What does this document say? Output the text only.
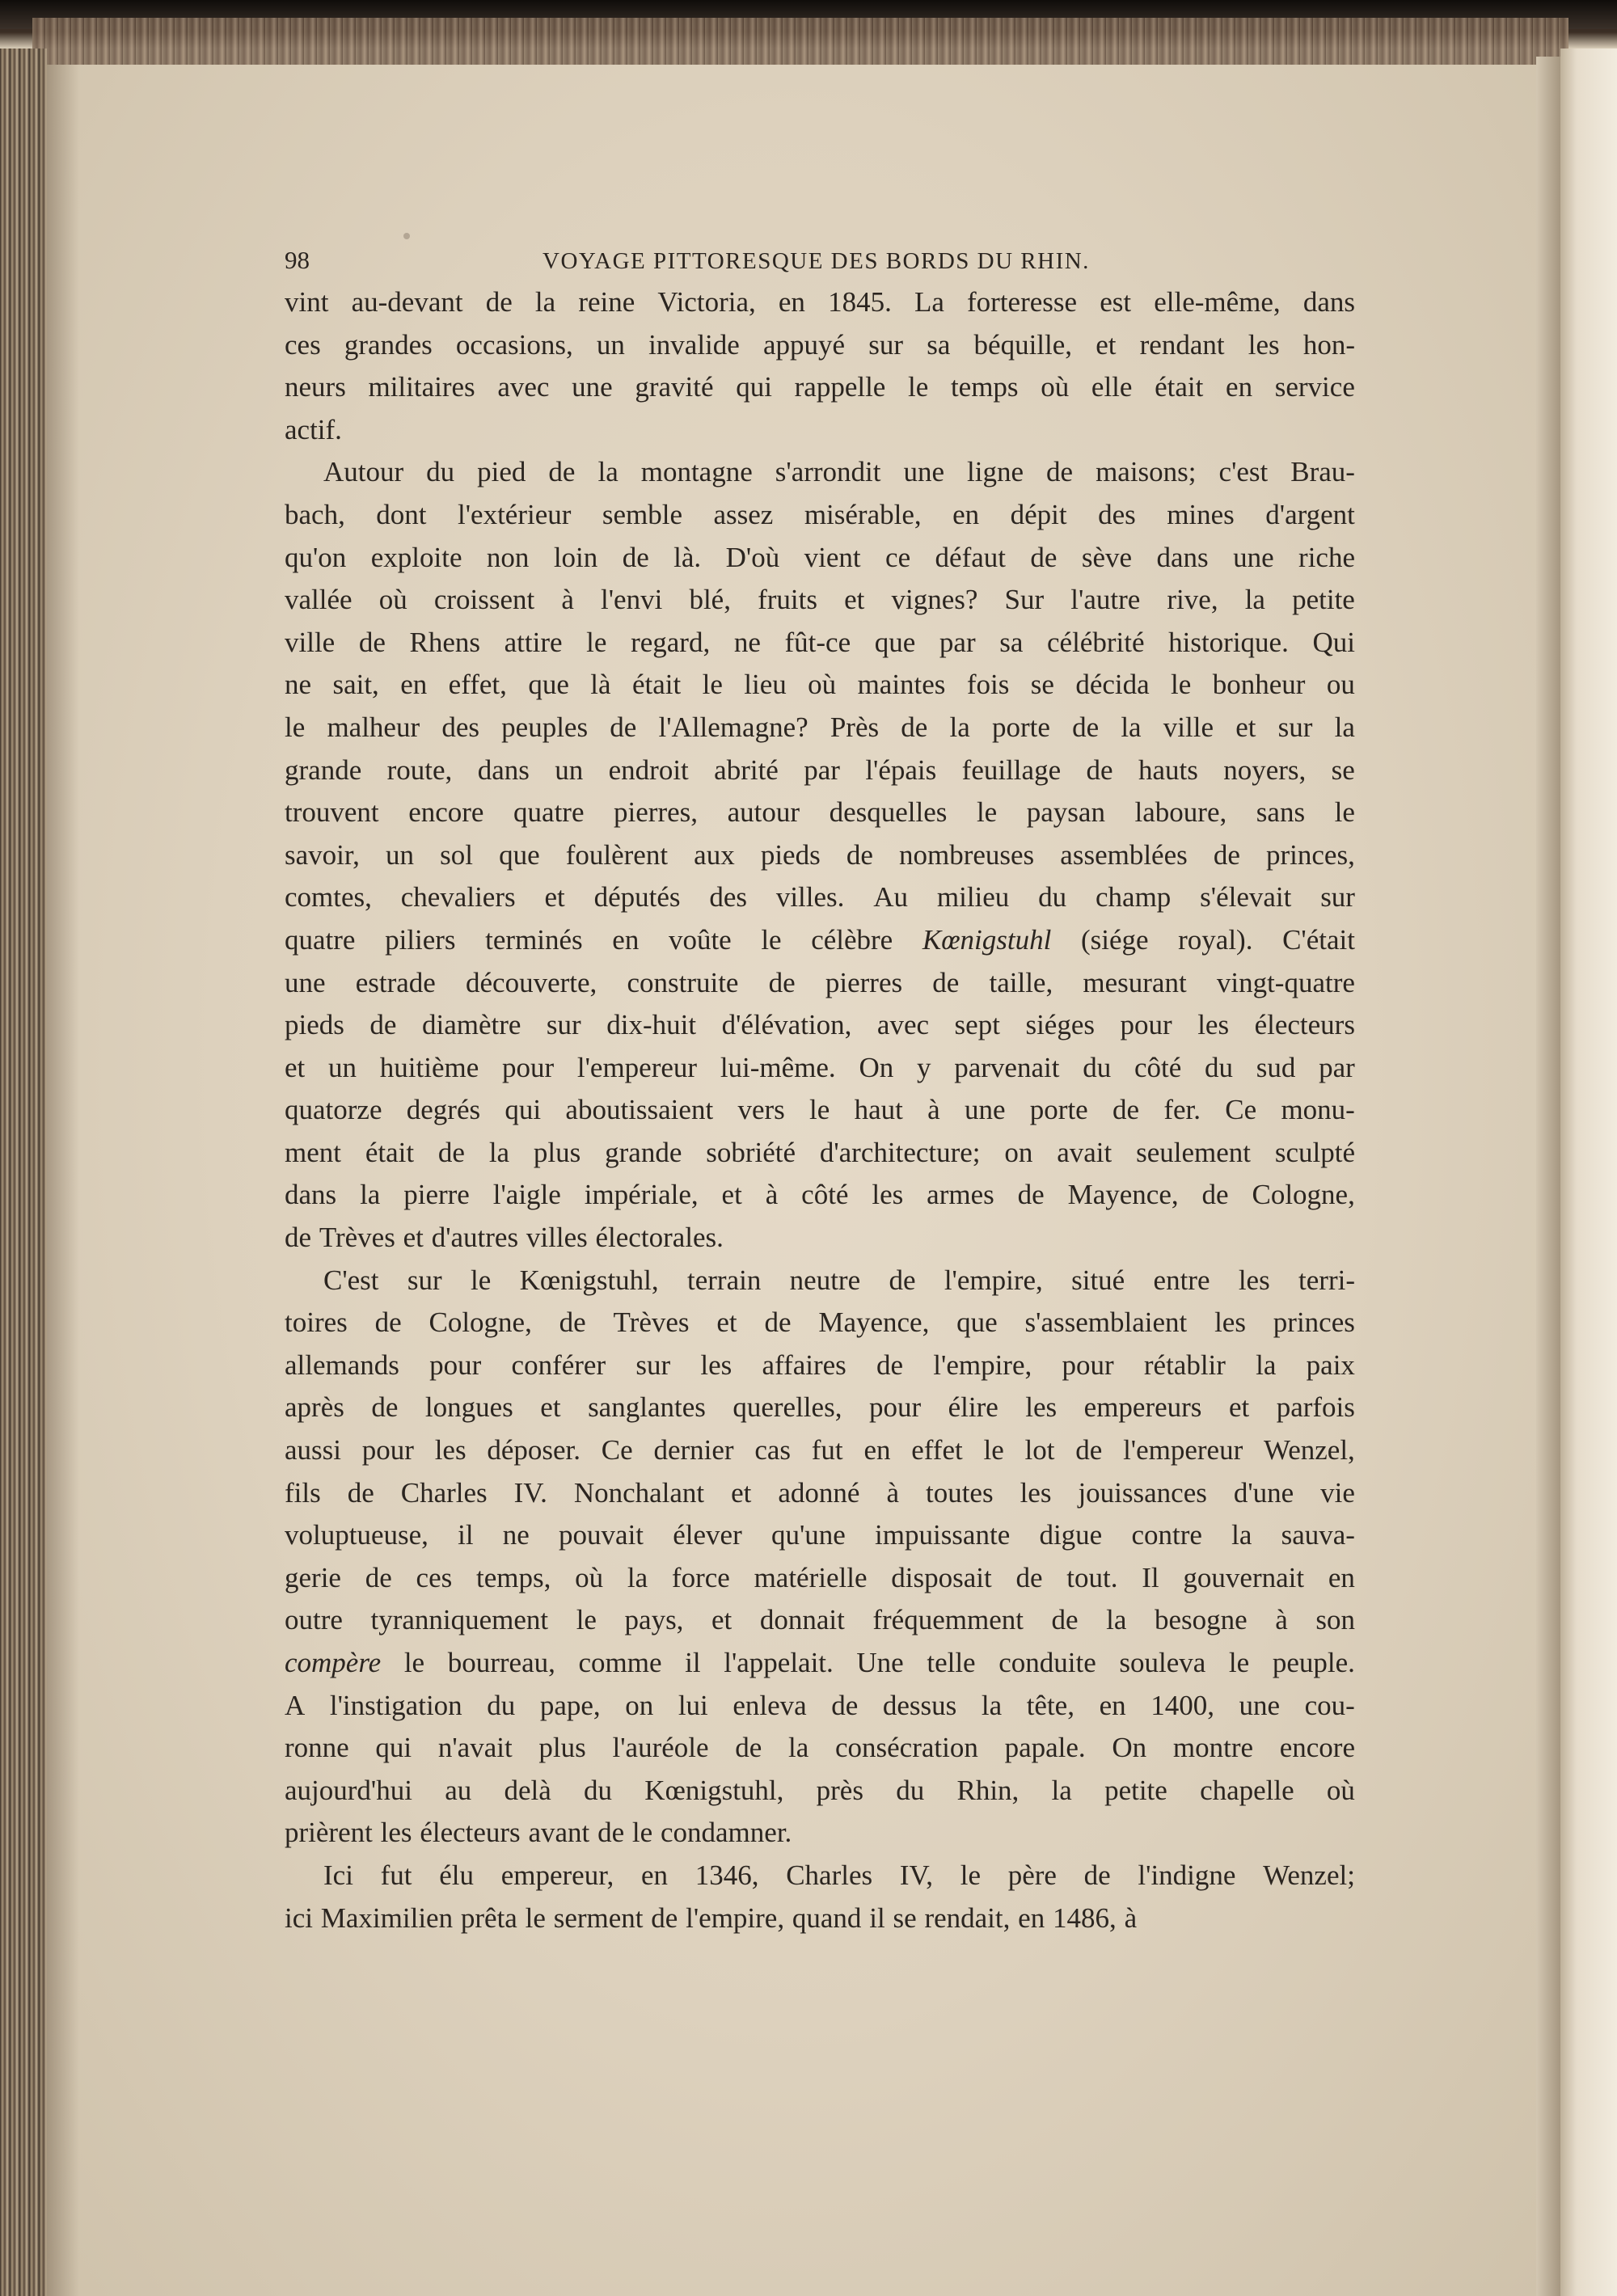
98	VOYAGE PITTORESQUE DES BORDS DU RHIN.
vint au-devant de la reine Victoria, en 1845. La forteresse est elle-même, dans
ces grandes occasions, un invalide appuyé sur sa béquille, et rendant les hon-
neurs militaires avec une gravité qui rappelle le temps où elle était en service
actif.
Autour du pied de la montagne s'arrondit une ligne de maisons; c'est Brau-
bach, dont l'extérieur semble assez misérable, en dépit des mines d'argent
qu'on exploite non loin de là. D'où vient ce défaut de sève dans une riche
vallée où croissent à l'envi blé, fruits et vignes? Sur l'autre rive, la petite
ville de Rhens attire le regard, ne fût-ce que par sa célébrité historique. Qui
ne sait, en effet, que là était le lieu où maintes fois se décida le bonheur ou
le malheur des peuples de l'Allemagne? Près de la porte de la ville et sur la
grande route, dans un endroit abrité par l'épais feuillage de hauts noyers, se
trouvent encore quatre pierres, autour desquelles le paysan laboure, sans le
savoir, un sol que foulèrent aux pieds de nombreuses assemblées de princes,
comtes, chevaliers et députés des villes. Au milieu du champ s'élevait sur
quatre piliers terminés en voûte le célèbre Kœnigstuhl (siége royal). C'était
une estrade découverte, construite de pierres de taille, mesurant vingt-quatre
pieds de diamètre sur dix-huit d'élévation, avec sept siéges pour les électeurs
et un huitième pour l'empereur lui-même. On y parvenait du côté du sud par
quatorze degrés qui aboutissaient vers le haut à une porte de fer. Ce monu-
ment était de la plus grande sobriété d'architecture; on avait seulement sculpté
dans la pierre l'aigle impériale, et à côté les armes de Mayence, de Cologne,
de Trèves et d'autres villes électorales.
C'est sur le Kœnigstuhl, terrain neutre de l'empire, situé entre les terri-
toires de Cologne, de Trèves et de Mayence, que s'assemblaient les princes
allemands pour conférer sur les affaires de l'empire, pour rétablir la paix
après de longues et sanglantes querelles, pour élire les empereurs et parfois
aussi pour les déposer. Ce dernier cas fut en effet le lot de l'empereur Wenzel,
fils de Charles IV. Nonchalant et adonné à toutes les jouissances d'une vie
voluptueuse, il ne pouvait élever qu'une impuissante digue contre la sauva-
gerie de ces temps, où la force matérielle disposait de tout. Il gouvernait en
outre tyranniquement le pays, et donnait fréquemment de la besogne à son
compère le bourreau, comme il l'appelait. Une telle conduite souleva le peuple.
A l'instigation du pape, on lui enleva de dessus la tête, en 1400, une cou-
ronne qui n'avait plus l'auréole de la consécration papale. On montre encore
aujourd'hui au delà du Kœnigstuhl, près du Rhin, la petite chapelle où
prièrent les électeurs avant de le condamner.
Ici fut élu empereur, en 1346, Charles IV, le père de l'indigne Wenzel;
ici Maximilien prêta le serment de l'empire, quand il se rendait, en 1486, à
